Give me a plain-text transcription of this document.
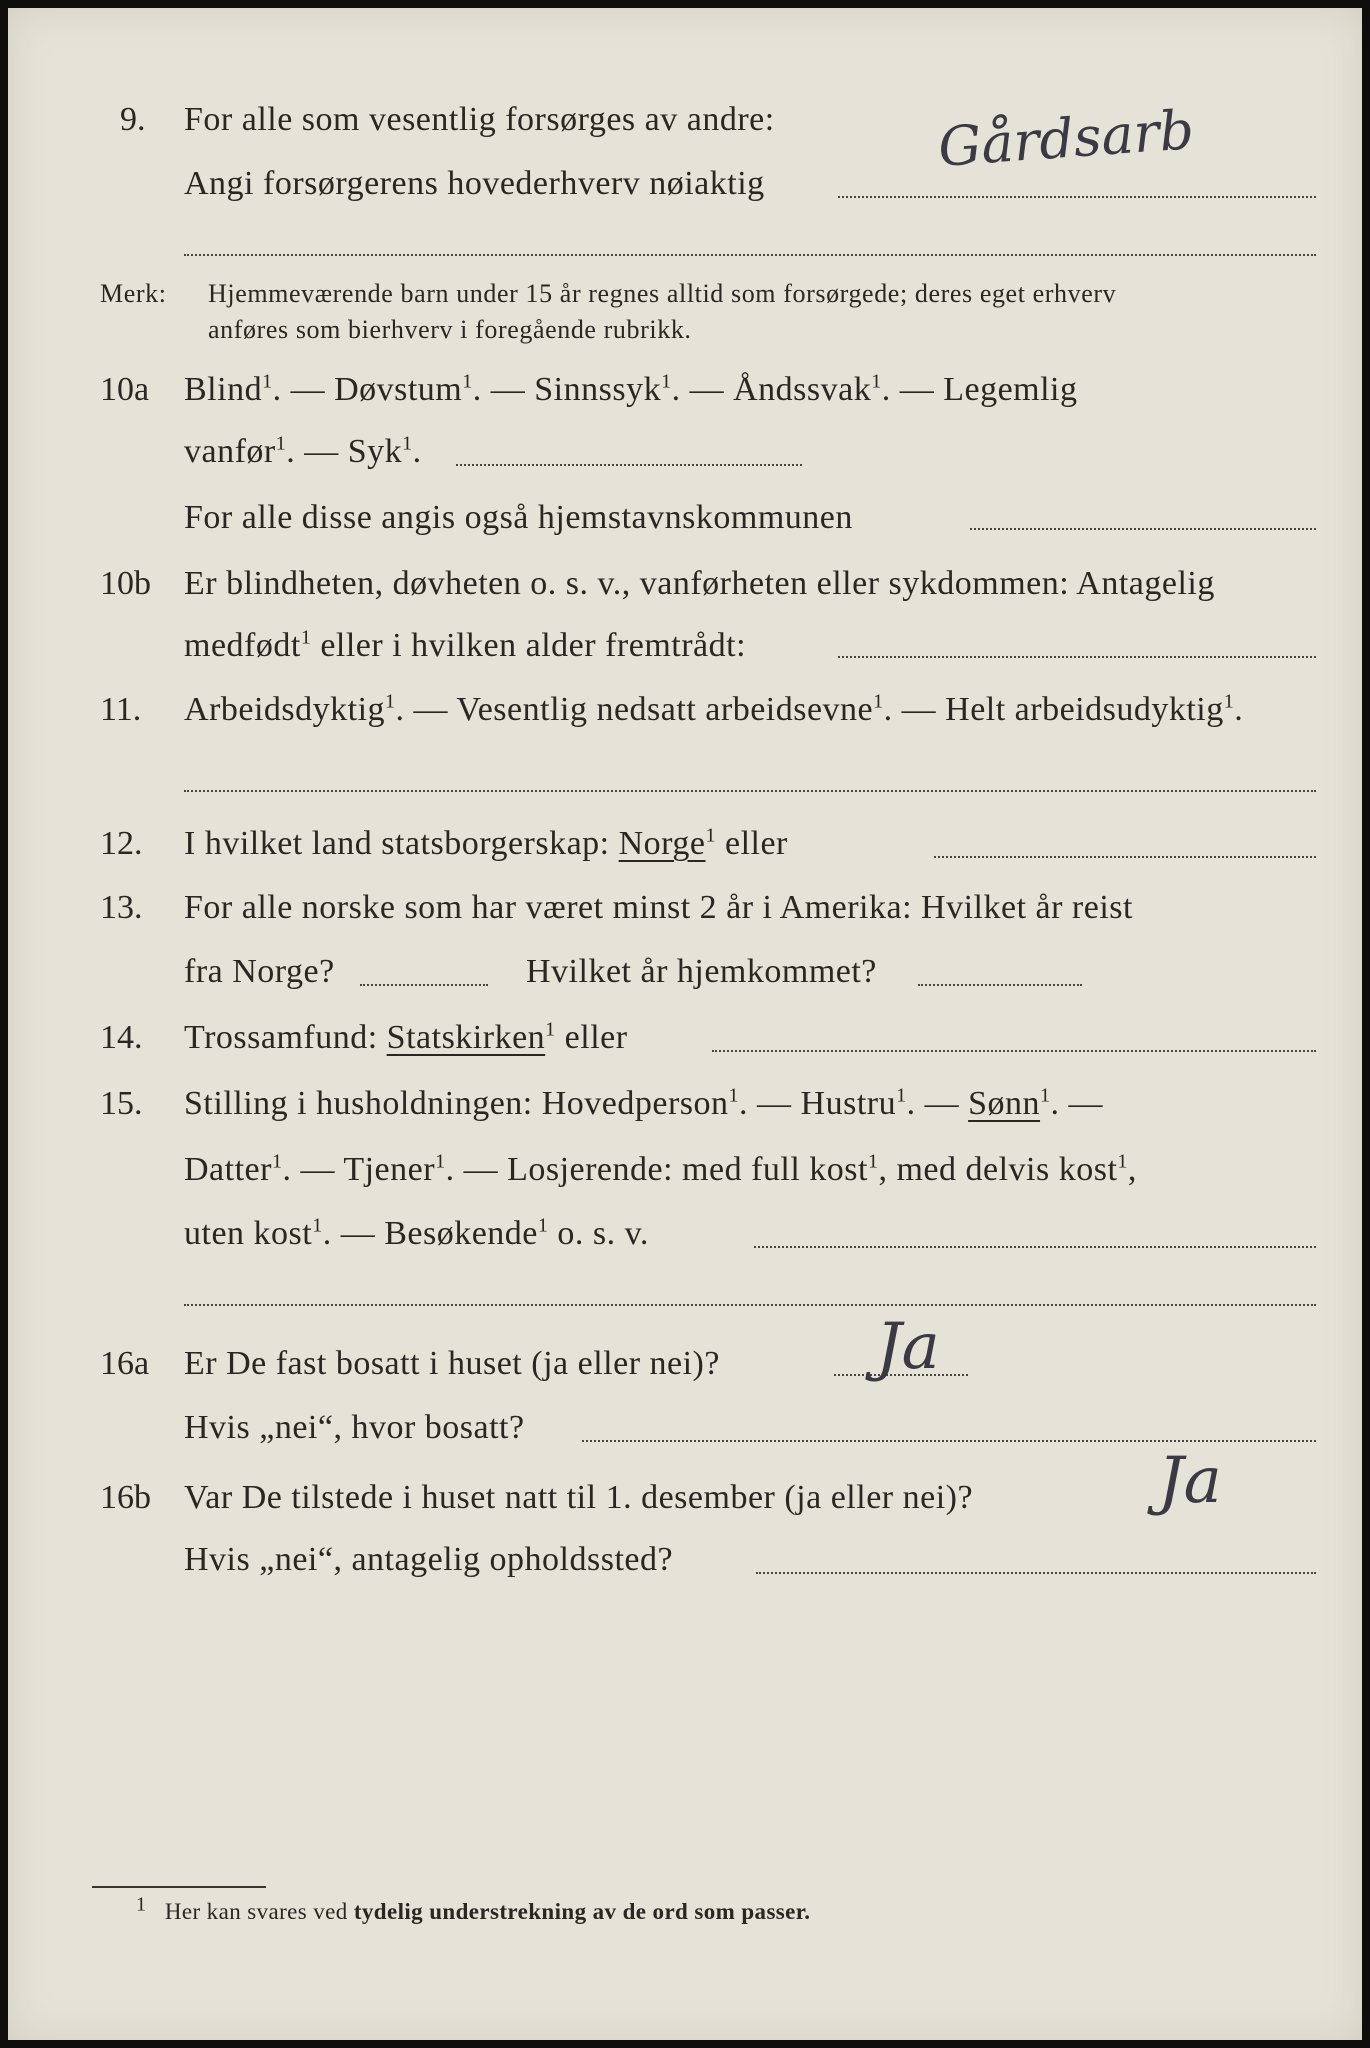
9. For alle som vesentlig forsørges av andre:	Gårdsarb
Angi forsørgerens hovederhverv nøiaktig
Merk: Hjemmeværende barn under 15 år regnes alltid som forsørgede; deres eget erhverv
anføres som bierhverv i foregående rubrikk.
10a Blind$^1$. — Døvstum$^1$. — Sinnssyk$^1$. — Åndssvak$^1$. — Legemlig
vanfør$^1$. — Syk$^1$.
For alle disse angis også hjemstavnskommunen
10b Er blindheten, døvheten o. s. v., vanførheten eller sykdommen: Antagelig
medfødt$^1$ eller i hvilken alder fremtrådt:
11. Arbeidsdyktig$^1$. — Vesentlig nedsatt arbeidsevne$^1$. — Helt arbeidsudyktig$^1$.
12. I hvilket land statsborgerskap: Norge$^1$ eller
13. For alle norske som har været minst 2 år i Amerika: Hvilket år reist
fra Norge?	Hvilket år hjemkommet?
14. Trossamfund: Statskirken$^1$ eller
15. Stilling i husholdningen: Hovedperson$^1$. — Hustru$^1$. — Sønn$^1$. —
Datter$^1$. — Tjener$^1$. — Losjerende: med full kost$^1$, med delvis kost$^1$,
uten kost$^1$. — Besøkende$^1$ o. s. v.
16a Er De fast bosatt i huset (ja eller nei)? Ja
Hvis „nei“, hvor bosatt?
16b Var De tilstede i huset natt til 1. desember (ja eller nei)?	Ja
Hvis „nei“, antagelig opholdssted?
1 Her kan svares ved tydelig understrekning av de ord som passer.
